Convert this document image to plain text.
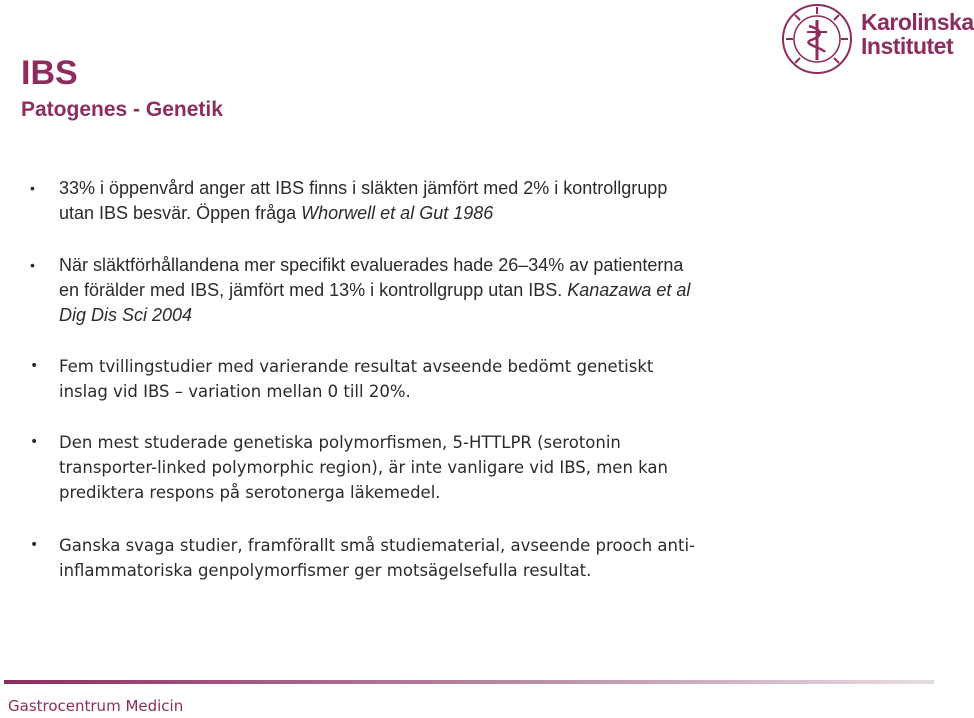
IBS
Patogenes - Genetik
Karolinska
Institutet
• 33% i öppenvård anger att IBS finns i släkten jämfört med 2% i kontrollgrupp utan IBS besvär. Öppen fråga Whorwell et al Gut 1986
• När släktförhållandena mer specifikt evaluerades hade 26–34% av patienterna en förälder med IBS, jämfört med 13% i kontrollgrupp utan IBS. Kanazawa et al Dig Dis Sci 2004
• Fem tvillingstudier med varierande resultat avseende bedömt genetiskt inslag vid IBS – variation mellan 0 till 20%.
• Den mest studerade genetiska polymorfismen, 5-HTTLPR (serotonin transporter-linked polymorphic region), är inte vanligare vid IBS, men kan prediktera respons på serotonerga läkemedel.
• Ganska svaga studier, framförallt små studiematerial, avseende prooch anti-inflammatoriska genpolymorfismer ger motsägelsefulla resultat.
Gastrocentrum Medicin
